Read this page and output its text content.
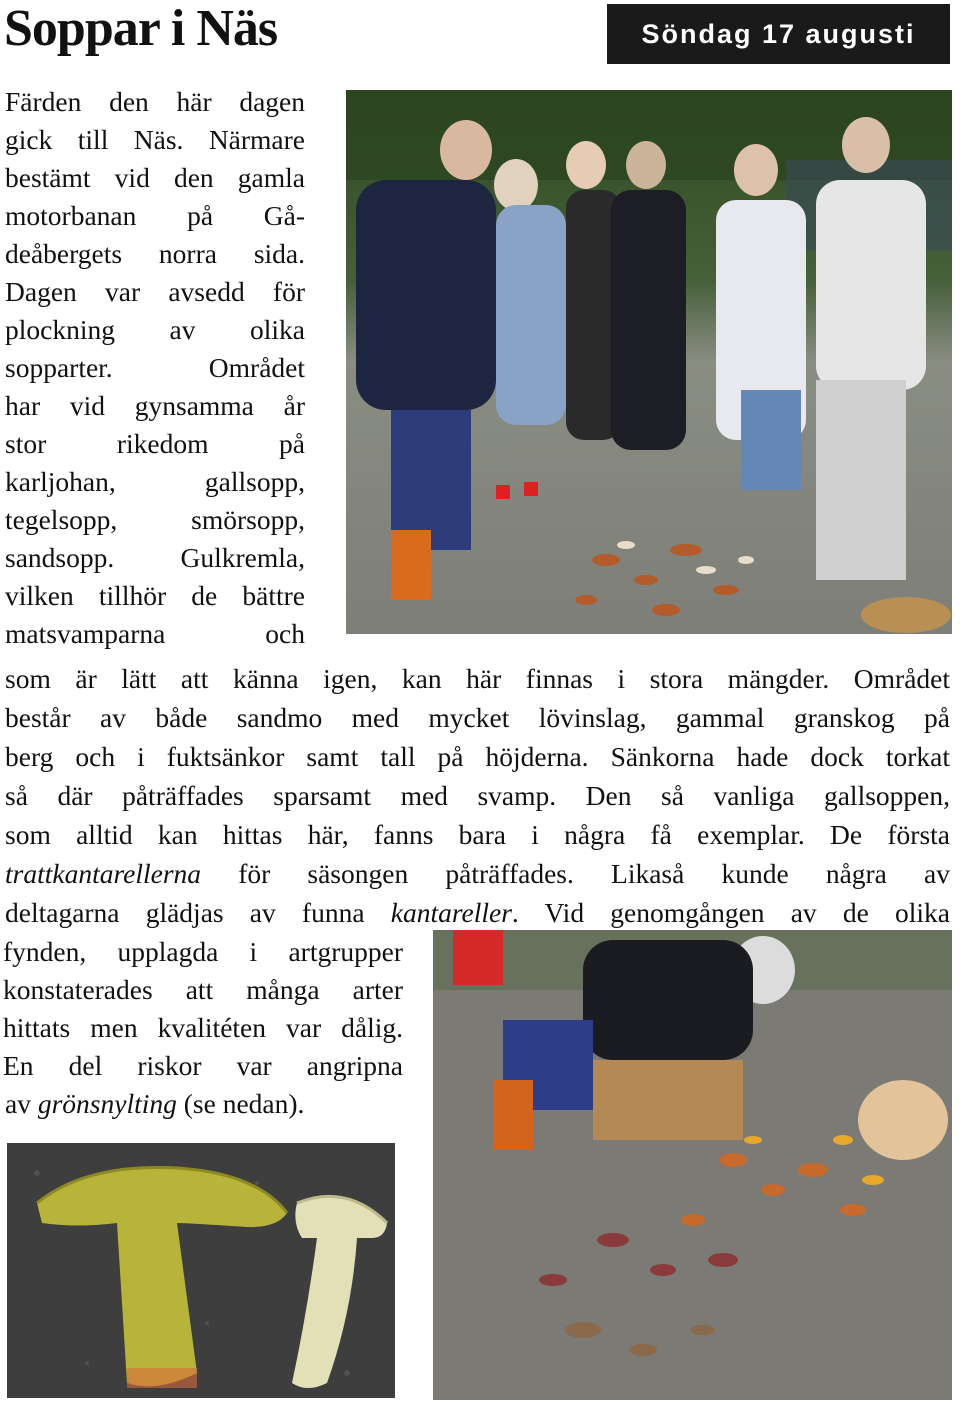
Soppar i Näs	Söndag 17 augusti
Färden den här dagen
gick till Näs. Närmare
bestämt vid den gamla
motorbanan på Gå-
deåbergets norra sida.
Dagen var avsedd för
plockning av olika
sopparter. Området
har vid gynsamma år
stor rikedom på
karljohan, gallsopp,
tegelsopp, smörsopp,
sandsopp. Gulkremla,
vilken tillhör de bättre
matsvamparna och
som är lätt att känna igen, kan här finnas i stora mängder. Området
består av både sandmo med mycket lövinslag, gammal granskog på
berg och i fuktsänkor samt tall på höjderna. Sänkorna hade dock torkat
så där påträffades sparsamt med svamp. Den så vanliga gallsoppen,
som alltid kan hittas här, fanns bara i några få exemplar. De första
trattkantarellerna för säsongen påträffades. Likaså kunde några av
deltagarna glädjas av funna kantareller. Vid genomgången av de olika
fynden, upplagda i artgrupper
konstaterades att många arter
hittats men kvalitéten var dålig.
En del riskor var angripna
av grönsnylting (se nedan).
